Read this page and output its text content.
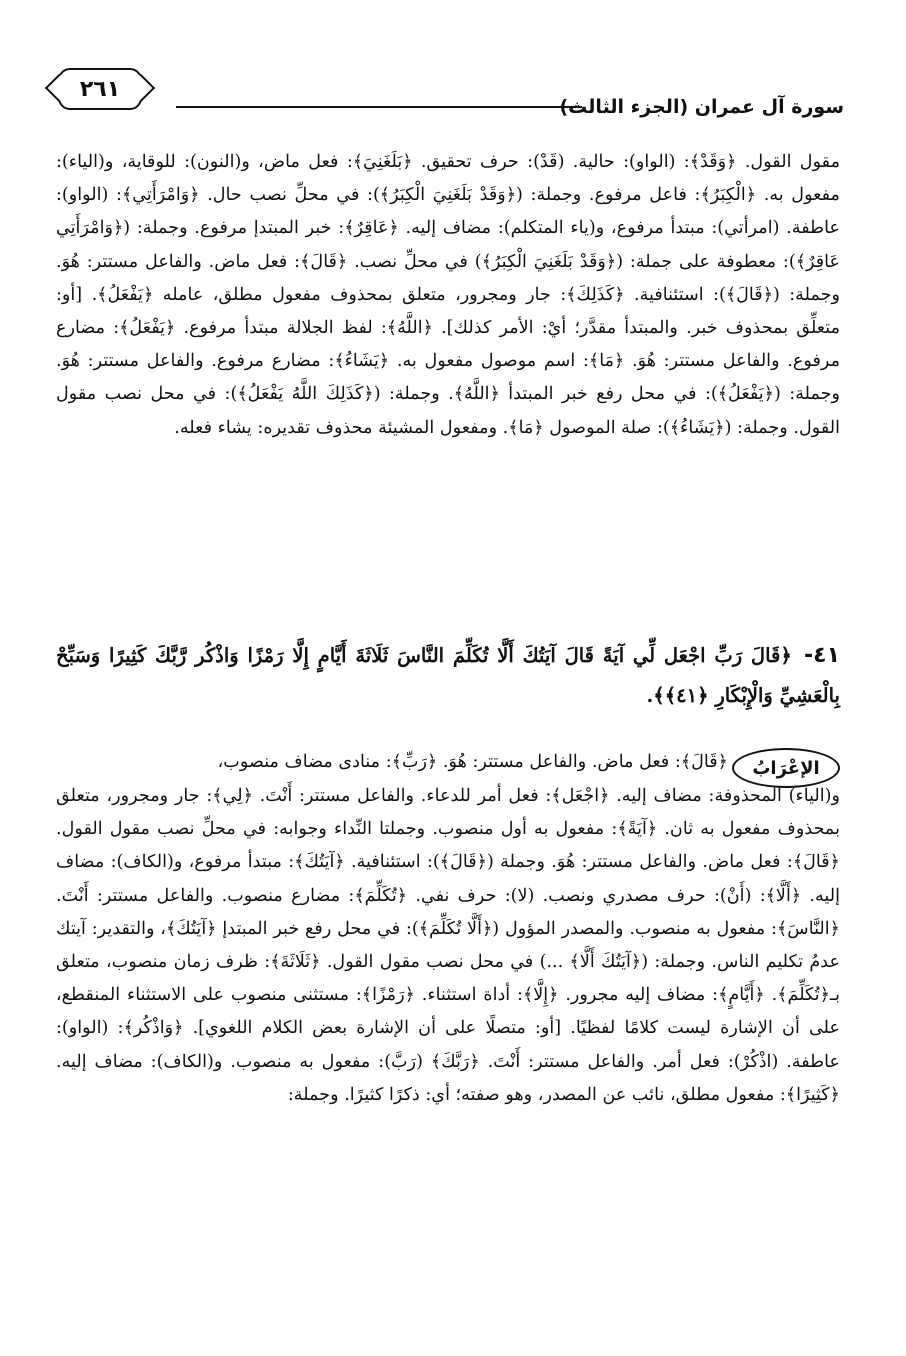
٢٦١
سورة آل عمران (الجزء الثالث)

مقول القول. ﴿وَقَدْ﴾: (الواو): حالية. (قَدْ): حرف تحقيق. ﴿بَلَغَنِيَ﴾: فعل ماض، و(النون): للوقاية، و(الياء): مفعول به. ﴿الْكِبَرُ﴾: فاعل مرفوع. وجملة: (﴿وَقَدْ بَلَغَنِيَ الْكِبَرُ﴾): في محلِّ نصب حال. ﴿وَامْرَأَتِي﴾: (الواو): عاطفة. (امرأتي): مبتدأ مرفوع، و(ياء المتكلم): مضاف إليه. ﴿عَاقِرٌ﴾: خبر المبتدإ مرفوع. وجملة: (﴿وَامْرَأَتِي عَاقِرٌ﴾): معطوفة على جملة: (﴿وَقَدْ بَلَغَنِيَ الْكِبَرُ﴾) في محلِّ نصب. ﴿قَالَ﴾: فعل ماض. والفاعل مستتر: هُوَ. وجملة: (﴿قَالَ﴾): استئنافية. ﴿كَذَلِكَ﴾: جار ومجرور، متعلق بمحذوف مفعول مطلق، عامله ﴿يَفْعَلُ﴾. [أو: متعلِّق بمحذوف خبر. والمبتدأ مقدَّر؛ أيْ: الأمر كذلك]. ﴿اللَّهُ﴾: لفظ الجلالة مبتدأ مرفوع. ﴿يَفْعَلُ﴾: مضارع مرفوع. والفاعل مستتر: هُوَ. ﴿مَا﴾: اسم موصول مفعول به. ﴿يَشَاءُ﴾: مضارع مرفوع. والفاعل مستتر: هُوَ. وجملة: (﴿يَفْعَلُ﴾): في محل رفع خبر المبتدأ ﴿اللَّهُ﴾. وجملة: (﴿كَذَلِكَ اللَّهُ يَفْعَلُ﴾): في محل نصب مقول القول. وجملة: (﴿يَشَاءُ﴾): صلة الموصول ﴿مَا﴾. ومفعول المشيئة محذوف تقديره: يشاء فعله.

٤١- ﴿قَالَ رَبِّ اجْعَل لِّي آيَةً قَالَ آيَتُكَ أَلَّا تُكَلِّمَ النَّاسَ ثَلَاثَةَ أَيَّامٍ إِلَّا رَمْزًا وَاذْكُر رَّبَّكَ كَثِيرًا وَسَبِّحْ بِالْعَشِيِّ وَالْإِبْكَارِ ﴿٤١﴾﴾.
الإعْرَابُ

﴿قَالَ﴾: فعل ماض. والفاعل مستتر: هُوَ. ﴿رَبِّ﴾: منادى مضاف منصوب،

و(الياء) المحذوفة: مضاف إليه. ﴿اجْعَل﴾: فعل أمر للدعاء. والفاعل مستتر: أَنْتَ. ﴿لِي﴾: جار ومجرور، متعلق بمحذوف مفعول به ثان. ﴿آيَةً﴾: مفعول به أول منصوب. وجملتا النِّداء وجوابه: في محلِّ نصب مقول القول. ﴿قَالَ﴾: فعل ماض. والفاعل مستتر: هُوَ. وجملة (﴿قَالَ﴾): استئنافية. ﴿آيَتُكَ﴾: مبتدأ مرفوع، و(الكاف): مضاف إليه. ﴿أَلَّا﴾: (أَنْ): حرف مصدري ونصب. (لا): حرف نفي. ﴿تُكَلِّمَ﴾: مضارع منصوب. والفاعل مستتر: أَنْتَ. ﴿النَّاسَ﴾: مفعول به منصوب. والمصدر المؤول (﴿أَلَّا تُكَلِّمَ﴾): في محل رفع خبر المبتدإ ﴿آيَتُكَ﴾، والتقدير: آيتك عدمُ تكليم الناس. وجملة: (﴿آيَتُكَ أَلَّا﴾ ...) في محل نصب مقول القول. ﴿ثَلَاثَةَ﴾: ظرف زمان منصوب، متعلق بـ﴿تُكَلِّمَ﴾. ﴿أَيَّامٍ﴾: مضاف إليه مجرور. ﴿إِلَّا﴾: أداة استثناء. ﴿رَمْزًا﴾: مستثنى منصوب على الاستثناء المنقطع، على أن الإشارة ليست كلامًا لفظيًا. [أو: متصلًا على أن الإشارة بعض الكلام اللغوي]. ﴿وَاذْكُر﴾: (الواو): عاطفة. (اذْكُرْ): فعل أمر. والفاعل مستتر: أَنْتَ. ﴿رَبَّكَ﴾ (رَبَّ): مفعول به منصوب. و(الكاف): مضاف إليه. ﴿كَثِيرًا﴾: مفعول مطلق، نائب عن المصدر، وهو صفته؛ أي: ذكرًا كثيرًا. وجملة:
